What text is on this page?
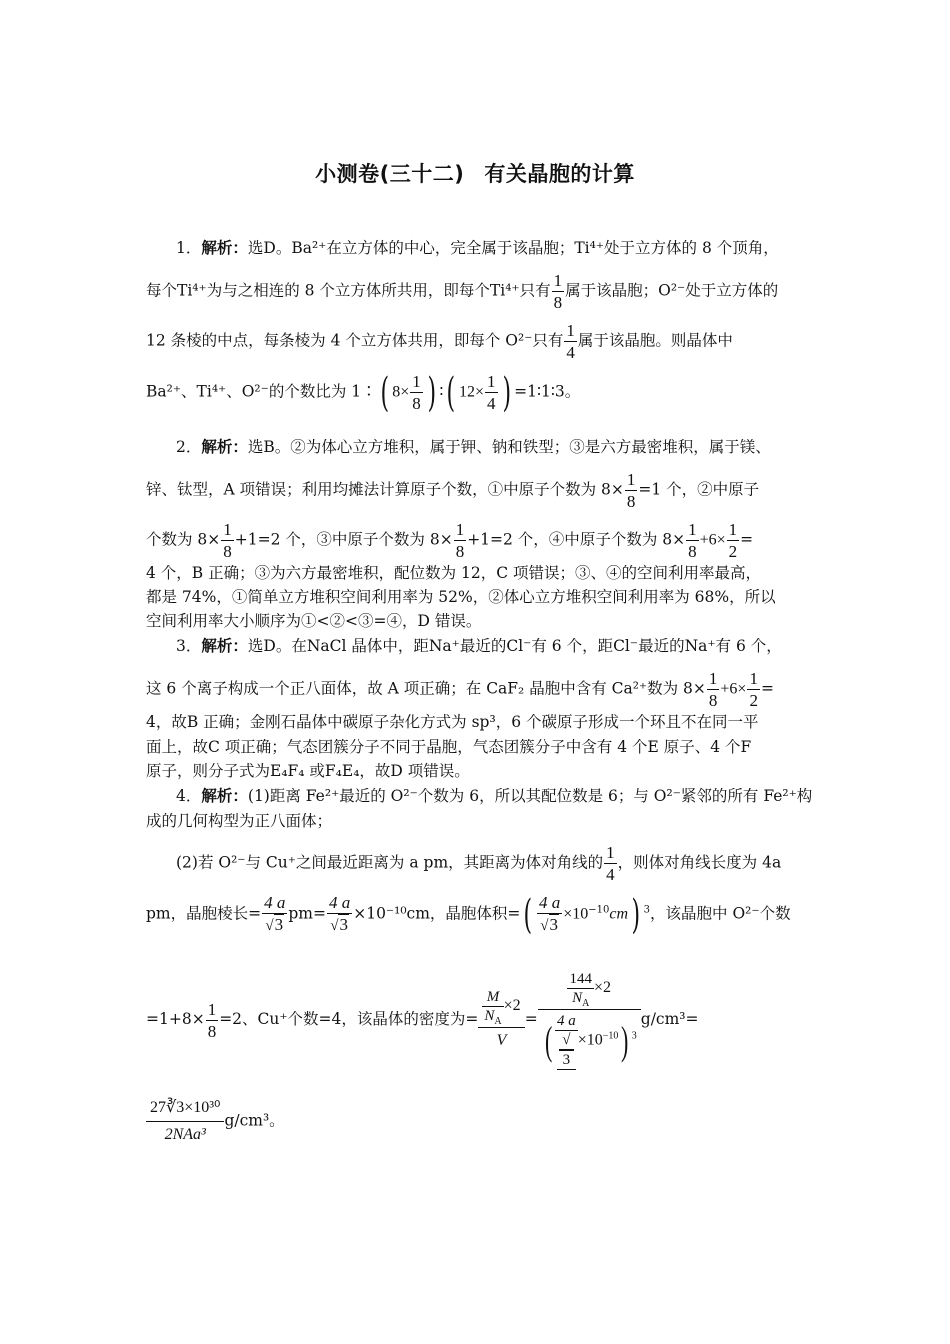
小测卷(三十二) 有关晶胞的计算
1．解析：选D。Ba²⁺在立方体的中心，完全属于该晶胞；Ti⁴⁺处于立方体的 8 个顶角，
每个Ti⁴⁺为与之相连的 8 个立方体所共用，即每个Ti⁴⁺只有 $\frac{1}{8}$ 属于该晶胞；O²⁻处于立方体的
12 条棱的中点，每条棱为 4 个立方体共用，即每个 O²⁻只有 $\frac{1}{4}$ 属于该晶胞。则晶体中
Ba²⁺、Ti⁴⁺、O²⁻的个数比为 1∶( $8\times \frac{1}{8}$ ) ∶( $12\times \frac{1}{4}$ ) =1∶1∶3。
2．解析：选B。②为体心立方堆积，属于钾、钠和铁型；③是六方最密堆积，属于镁、
锌、钛型，A 项错误；利用均摊法计算原子个数，①中原子个数为 $8\times \frac{1}{8} =1$ 个，②中原子
个数为 $8\times \frac{1}{8} +1=2$ 个，③中原子个数为 $8\times \frac{1}{8} +1=2$ 个，④中原子个数为 $8\times \frac{1}{8} +6\times \frac{1}{2}$ =
4 个，B 正确；③为六方最密堆积，配位数为 12，C 项错误；③、④的空间利用率最高，
都是 74%，①简单立方堆积空间利用率为 52%，②体心立方堆积空间利用率为 68%，所以
空间利用率大小顺序为①<②<③=④，D 错误。
3．解析：选D。在NaCl 晶体中，距Na⁺最近的Cl⁻有 6 个，距Cl⁻最近的Na⁺有 6 个，
这 6 个离子构成一个正八面体，故 A 项正确；在 CaF₂ 晶胞中含有 Ca²⁺数为 $8\times \frac{1}{8} +6\times \frac{1}{2}$ =
4，故B 正确；金刚石晶体中碳原子杂化方式为 sp³，6 个碳原子形成一个环且不在同一平
面上，故C 项正确；气态团簇分子不同于晶胞，气态团簇分子中含有 4 个E 原子、4 个F
原子，则分子式为E₄F₄ 或F₄E₄，故D 项错误。
4．解析：(1)距离 Fe²⁺最近的 O²⁻个数为 6，所以其配位数是 6；与 O²⁻紧邻的所有 Fe²⁺构
成的几何构型为正八面体；
(2)若 O²⁻与 Cu⁺之间最近距离为 a pm，其距离为体对角线的 $\frac{1}{4}$ ，则体对角线长度为 4a
pm，晶胞棱长= $\frac{4 a}{√3} pm= \frac{4 a}{√3} \times 10^{-10}cm$，晶胞体积=( $\frac{4 a}{√3} \times 10^{-10}cm$) $^3$，该晶胞中 O²⁻个数
$=1+8\times \frac{1}{8} =2$、Cu⁺个数=4，该晶体的密度为= $\frac{M}{N_A} \times 2$
V
= $\frac{144}{N_A} \times 2$
( 4 a
√
$3 \times 10^{-10}$) $^3$ g/cm³=
27∛3×10³⁰
2NAa³
g/cm³。
